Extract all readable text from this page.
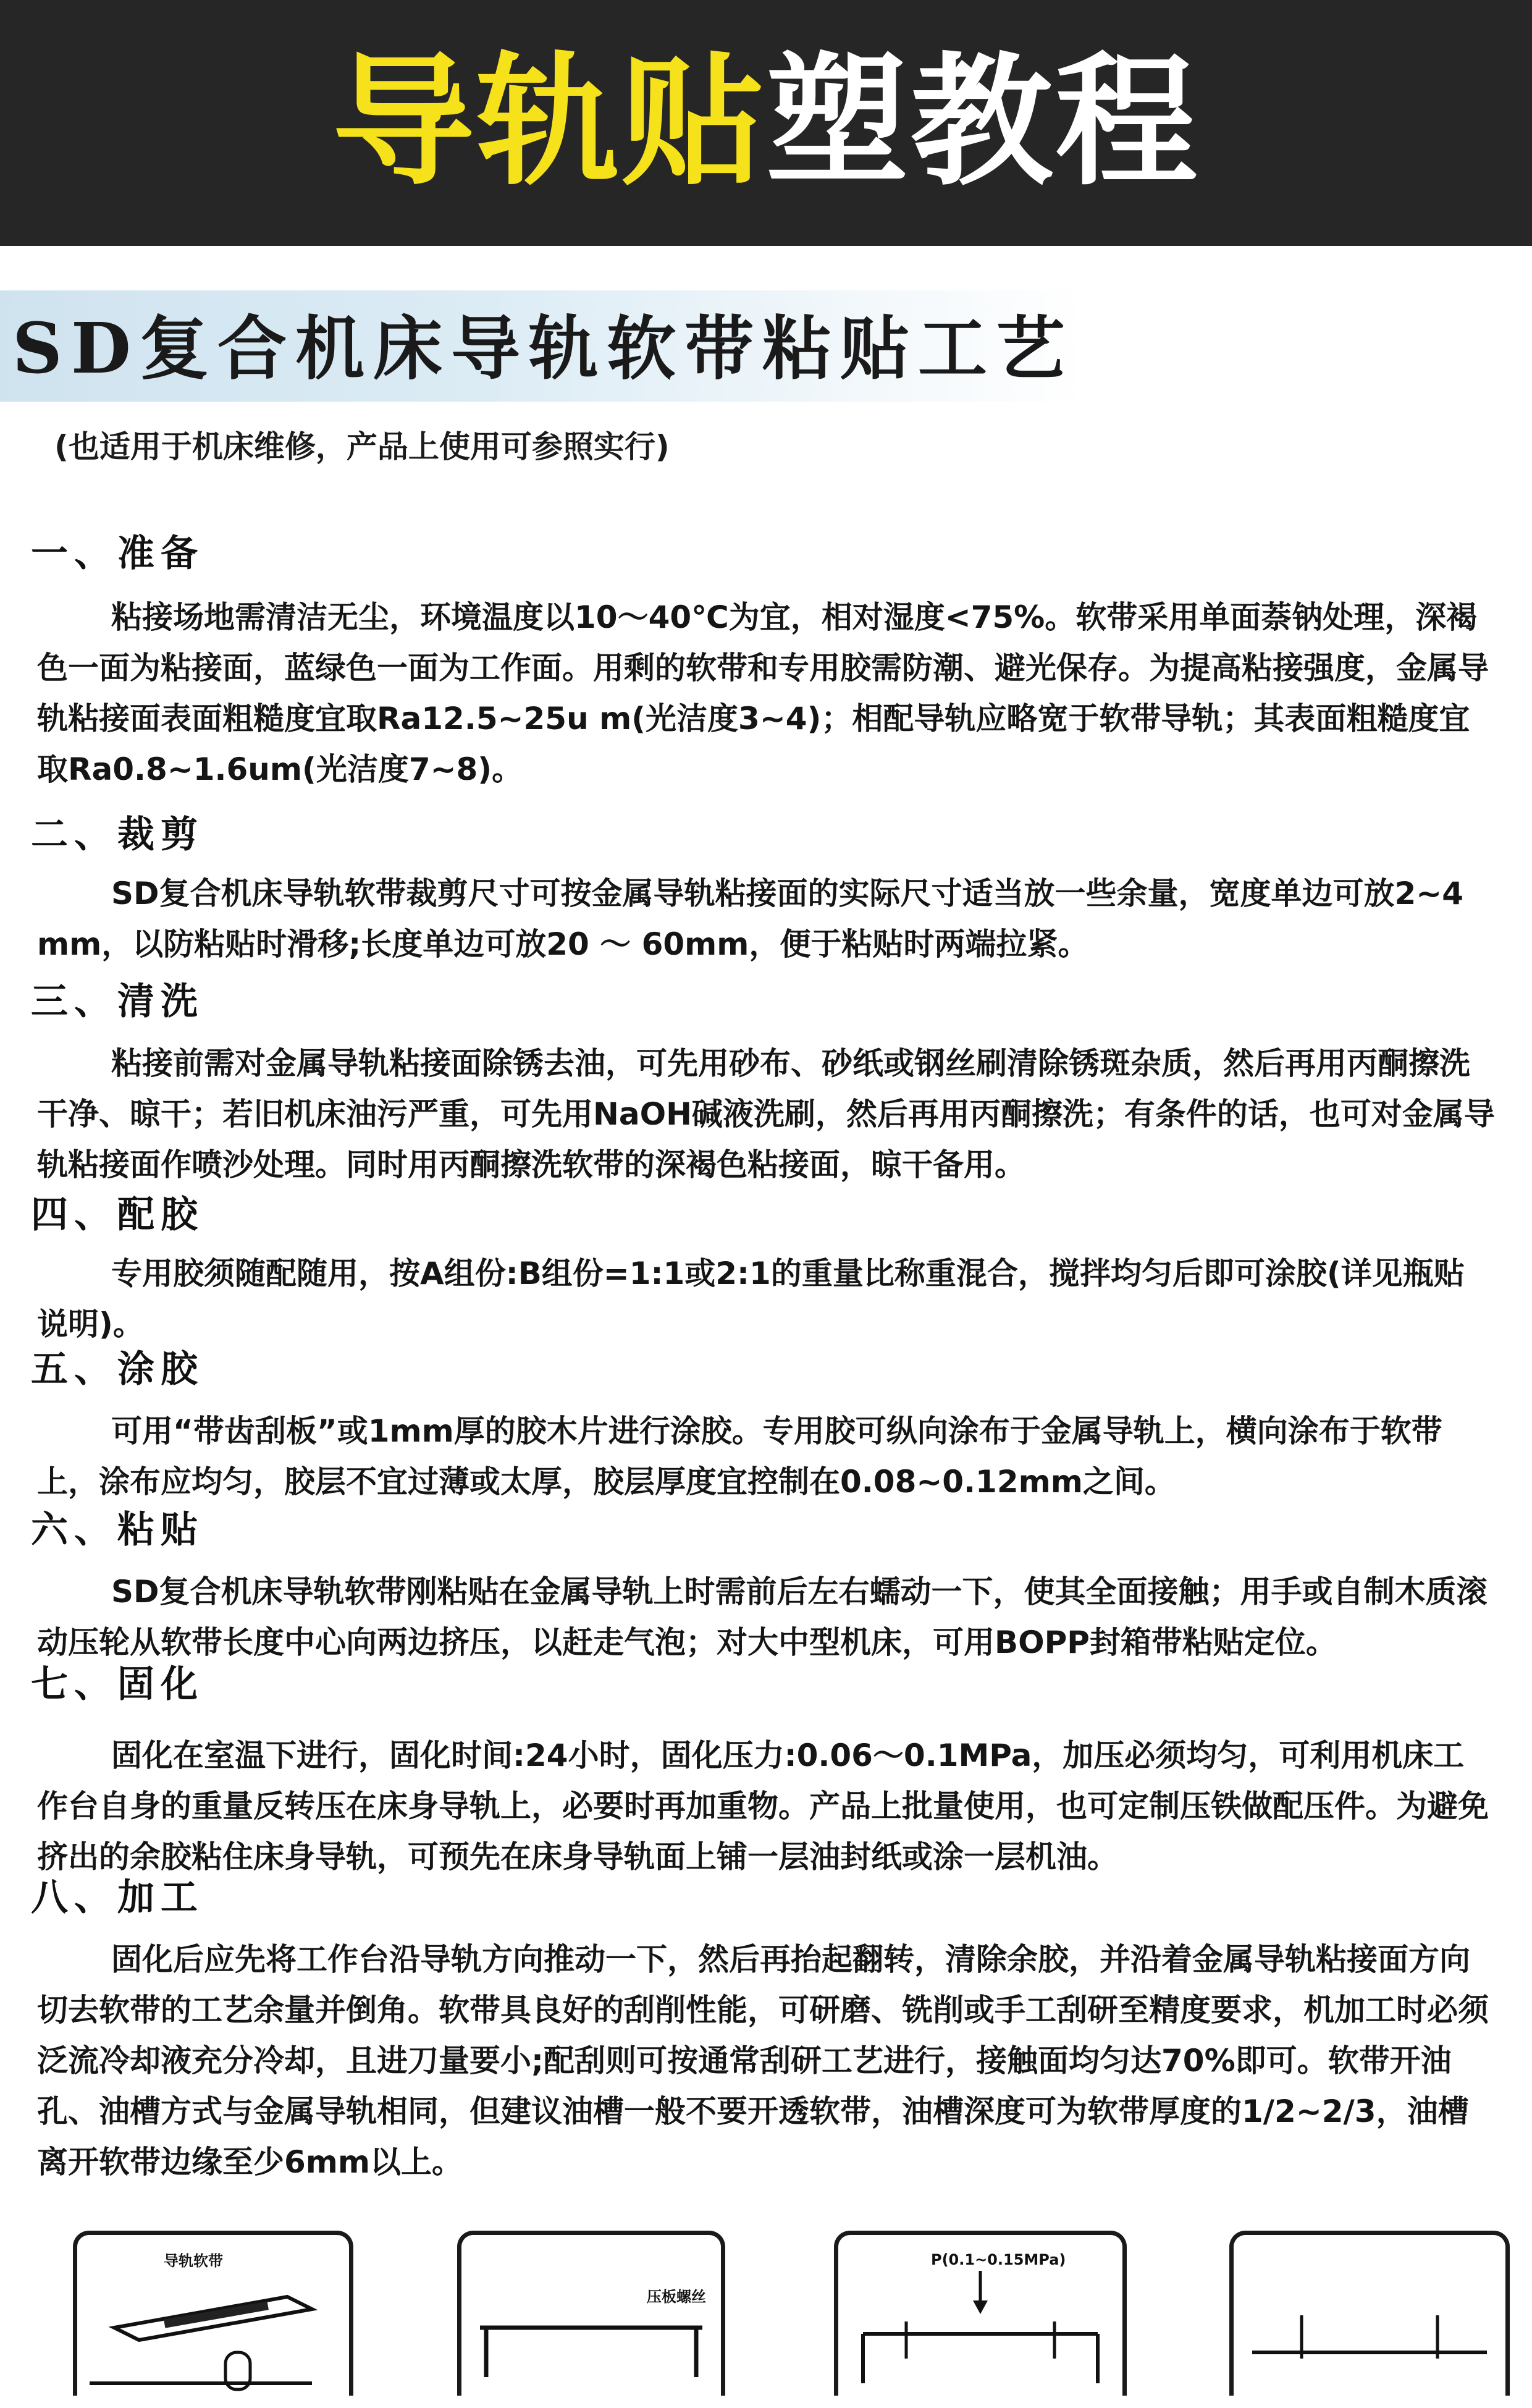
导轨贴塑教程
SD复合机床导轨软带粘贴工艺
(也适用于机床维修，产品上使用可参照实行)
一、准备
粘接场地需清洁无尘，环境温度以10～40℃为宜，相对湿度<75%。软带采用单面萘钠处理，深褐色一面为粘接面，蓝绿色一面为工作面。用剩的软带和专用胶需防潮、避光保存。为提高粘接强度，金属导轨粘接面表面粗糙度宜取Ra12.5~25u m(光洁度3~4)；相配导轨应略宽于软带导轨；其表面粗糙度宜取Ra0.8~1.6um(光洁度7~8)。
二、裁剪
SD复合机床导轨软带裁剪尺寸可按金属导轨粘接面的实际尺寸适当放一些余量，宽度单边可放2~4mm，以防粘贴时滑移;长度单边可放20 ～ 60mm，便于粘贴时两端拉紧。
三、清洗
粘接前需对金属导轨粘接面除锈去油，可先用砂布、砂纸或钢丝刷清除锈斑杂质，然后再用丙酮擦洗干净、晾干；若旧机床油污严重，可先用NaOH碱液洗刷，然后再用丙酮擦洗；有条件的话，也可对金属导轨粘接面作喷沙处理。同时用丙酮擦洗软带的深褐色粘接面，晾干备用。
四、配胶
专用胶须随配随用，按A组份:B组份=1:1或2:1的重量比称重混合，搅拌均匀后即可涂胶(详见瓶贴说明)。
五、涂胶
可用“带齿刮板”或1mm厚的胶木片进行涂胶。专用胶可纵向涂布于金属导轨上，横向涂布于软带上，涂布应均匀，胶层不宜过薄或太厚，胶层厚度宜控制在0.08~0.12mm之间。
六、粘贴
SD复合机床导轨软带刚粘贴在金属导轨上时需前后左右蠕动一下，使其全面接触；用手或自制木质滚动压轮从软带长度中心向两边挤压，以赶走气泡；对大中型机床，可用BOPP封箱带粘贴定位。
七、固化
固化在室温下进行，固化时间:24小时，固化压力:0.06～0.1MPa，加压必须均匀，可利用机床工作台自身的重量反转压在床身导轨上，必要时再加重物。产品上批量使用，也可定制压铁做配压件。为避免挤出的余胶粘住床身导轨，可预先在床身导轨面上铺一层油封纸或涂一层机油。
八、加工
固化后应先将工作台沿导轨方向推动一下，然后再抬起翻转，清除余胶，并沿着金属导轨粘接面方向切去软带的工艺余量并倒角。软带具良好的刮削性能，可研磨、铣削或手工刮研至精度要求，机加工时必须泛流冷却液充分冷却，且进刀量要小;配刮则可按通常刮研工艺进行，接触面均匀达70%即可。软带开油孔、油槽方式与金属导轨相同，但建议油槽一般不要开透软带，油槽深度可为软带厚度的1/2~2/3，油槽离开软带边缘至少6mm以上。
导轨软带
压板螺丝
P(0.1~0.15MPa)
